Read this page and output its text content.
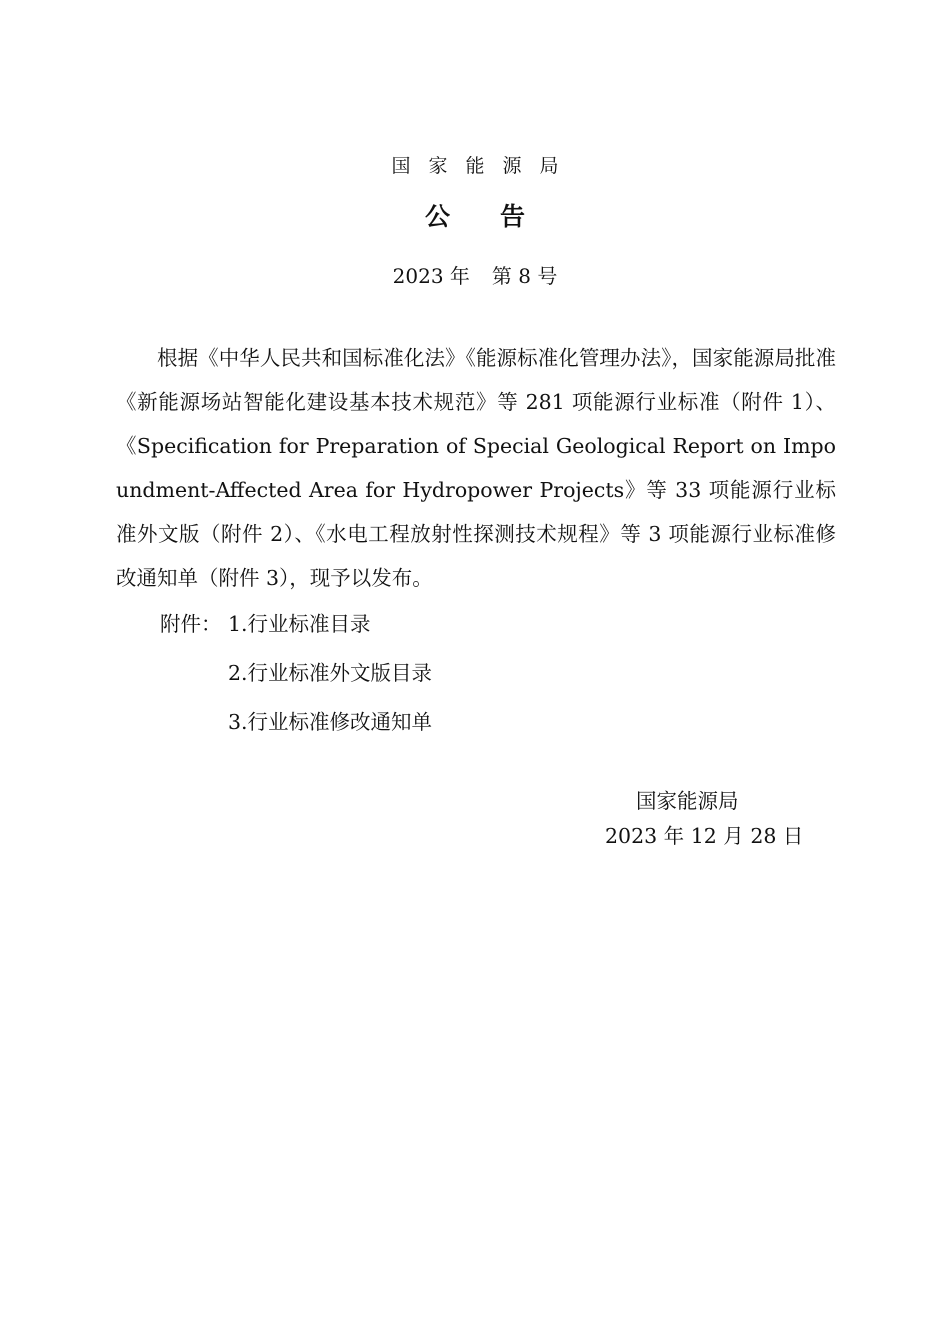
国家能源局
公告
2023 年 第 8 号
根据《中华人民共和国标准化法》《能源标准化管理办法》，国家能源局批准《新能源场站智能化建设基本技术规范》等 281 项能源行业标准（附件 1）、《Specification for Preparation of Special Geological Report on Impoundment-Affected Area for Hydropower Projects》等 33 项能源行业标准外文版（附件 2）、《水电工程放射性探测技术规程》等 3 项能源行业标准修改通知单（附件 3），现予以发布。
附件： 1.行业标准目录
2.行业标准外文版目录
3.行业标准修改通知单
国家能源局
2023 年 12 月 28 日
